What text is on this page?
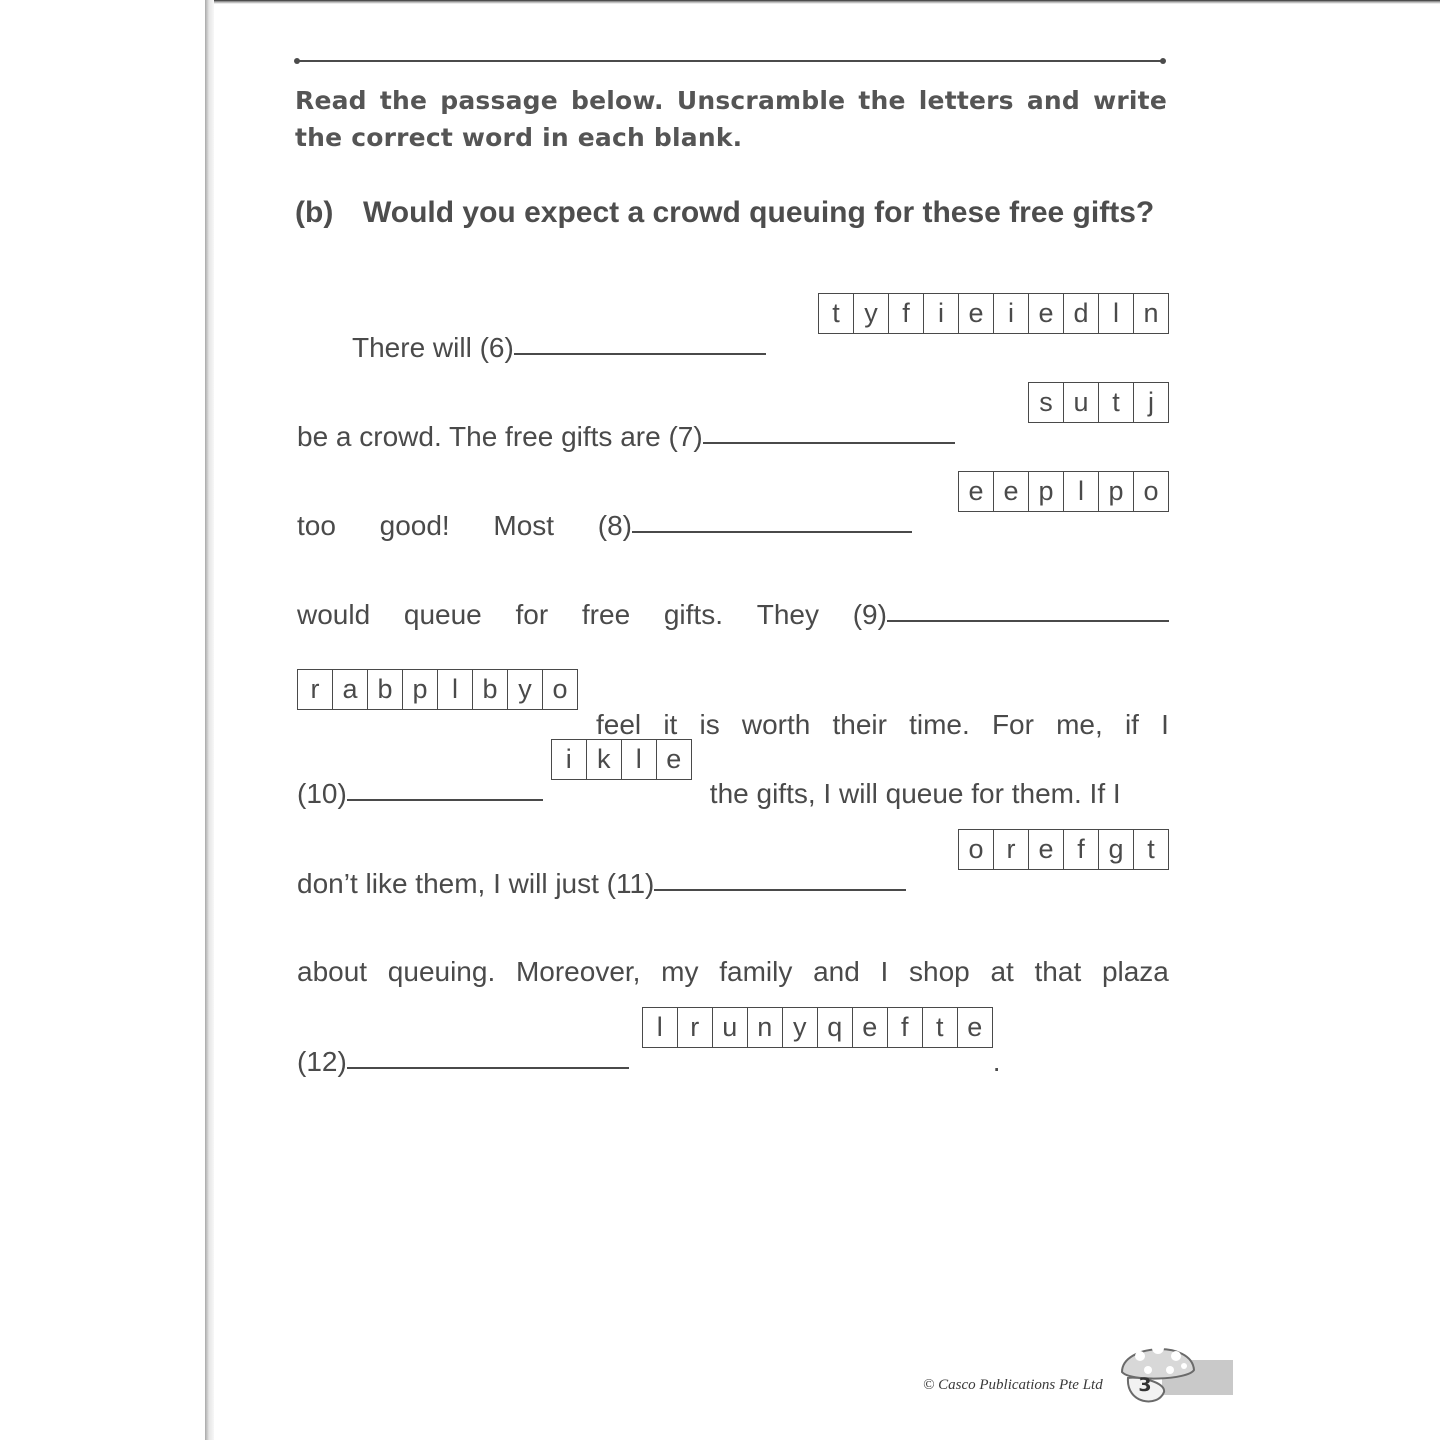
Read the passage below. Unscramble the letters and write the correct word in each blank.
(b) Would you expect a crowd queuing for these free gifts?
There will (6)
t y f	i e i e d l n
be a crowd. The free gifts are (7)
s u t	j
too good! Most (8)
e e p l p o
would queue for free gifts. They (9)
r a b p l b y o
feel it is worth their time. For me, if I
(10)
i k l e
the gifts, I will queue for them. If I
don’t like them, I will just (11)
o r e f g t
about queuing. Moreover, my family and I shop at that plaza
(12)
l	r u n y q e f	t e
.
3
© Casco Publications Pte Ltd
